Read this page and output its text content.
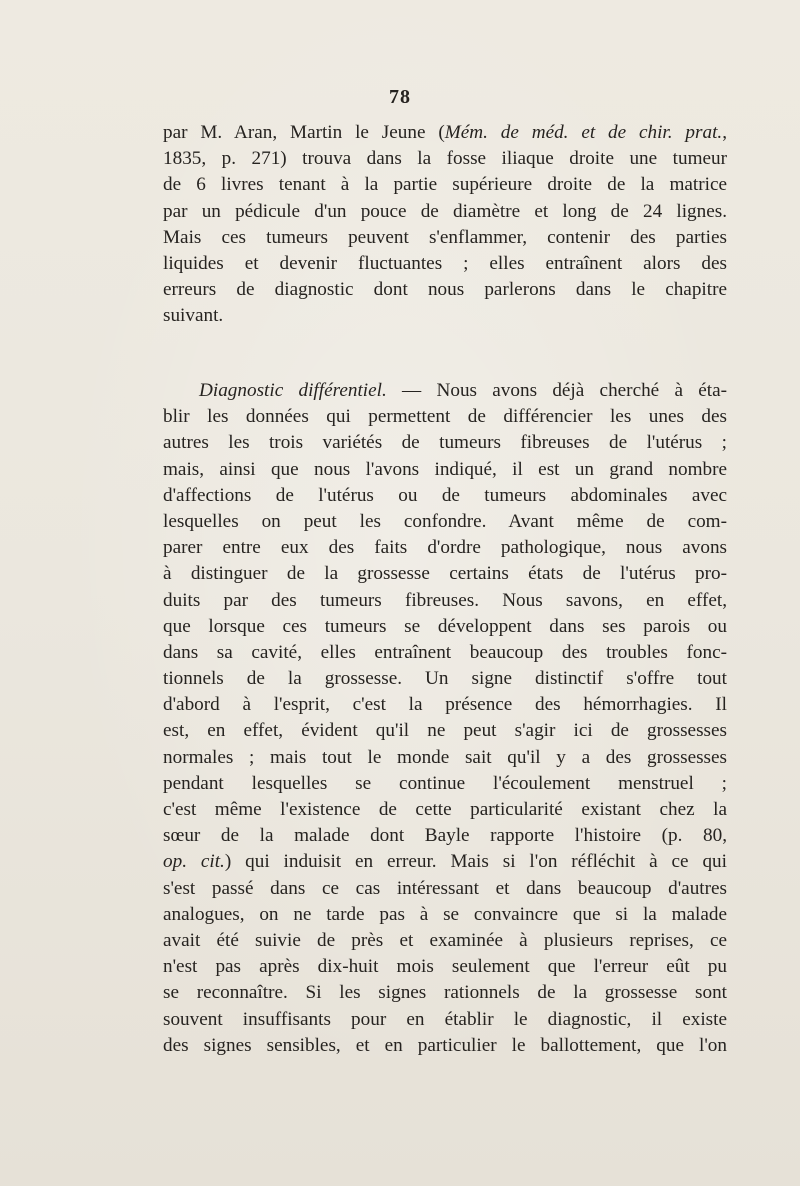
78
par M. Aran, Martin le Jeune (Mém. de méd. et de chir. prat.,
1835, p. 271) trouva dans la fosse iliaque droite une tumeur
de 6 livres tenant à la partie supérieure droite de la matrice
par un pédicule d'un pouce de diamètre et long de 24 lignes.
Mais ces tumeurs peuvent s'enflammer, contenir des parties
liquides et devenir fluctuantes ; elles entraînent alors des
erreurs de diagnostic dont nous parlerons dans le chapitre
suivant.
Diagnostic différentiel. — Nous avons déjà cherché à éta-
blir les données qui permettent de différencier les unes des
autres les trois variétés de tumeurs fibreuses de l'utérus ;
mais, ainsi que nous l'avons indiqué, il est un grand nombre
d'affections de l'utérus ou de tumeurs abdominales avec
lesquelles on peut les confondre. Avant même de com-
parer entre eux des faits d'ordre pathologique, nous avons
à distinguer de la grossesse certains états de l'utérus pro-
duits par des tumeurs fibreuses. Nous savons, en effet,
que lorsque ces tumeurs se développent dans ses parois ou
dans sa cavité, elles entraînent beaucoup des troubles fonc-
tionnels de la grossesse. Un signe distinctif s'offre tout
d'abord à l'esprit, c'est la présence des hémorrhagies. Il
est, en effet, évident qu'il ne peut s'agir ici de grossesses
normales ; mais tout le monde sait qu'il y a des grossesses
pendant lesquelles se continue l'écoulement menstruel ;
c'est même l'existence de cette particularité existant chez la
sœur de la malade dont Bayle rapporte l'histoire (p. 80,
op. cit.) qui induisit en erreur. Mais si l'on réfléchit à ce qui
s'est passé dans ce cas intéressant et dans beaucoup d'autres
analogues, on ne tarde pas à se convaincre que si la malade
avait été suivie de près et examinée à plusieurs reprises, ce
n'est pas après dix-huit mois seulement que l'erreur eût pu
se reconnaître. Si les signes rationnels de la grossesse sont
souvent insuffisants pour en établir le diagnostic, il existe
des signes sensibles, et en particulier le ballottement, que l'on
